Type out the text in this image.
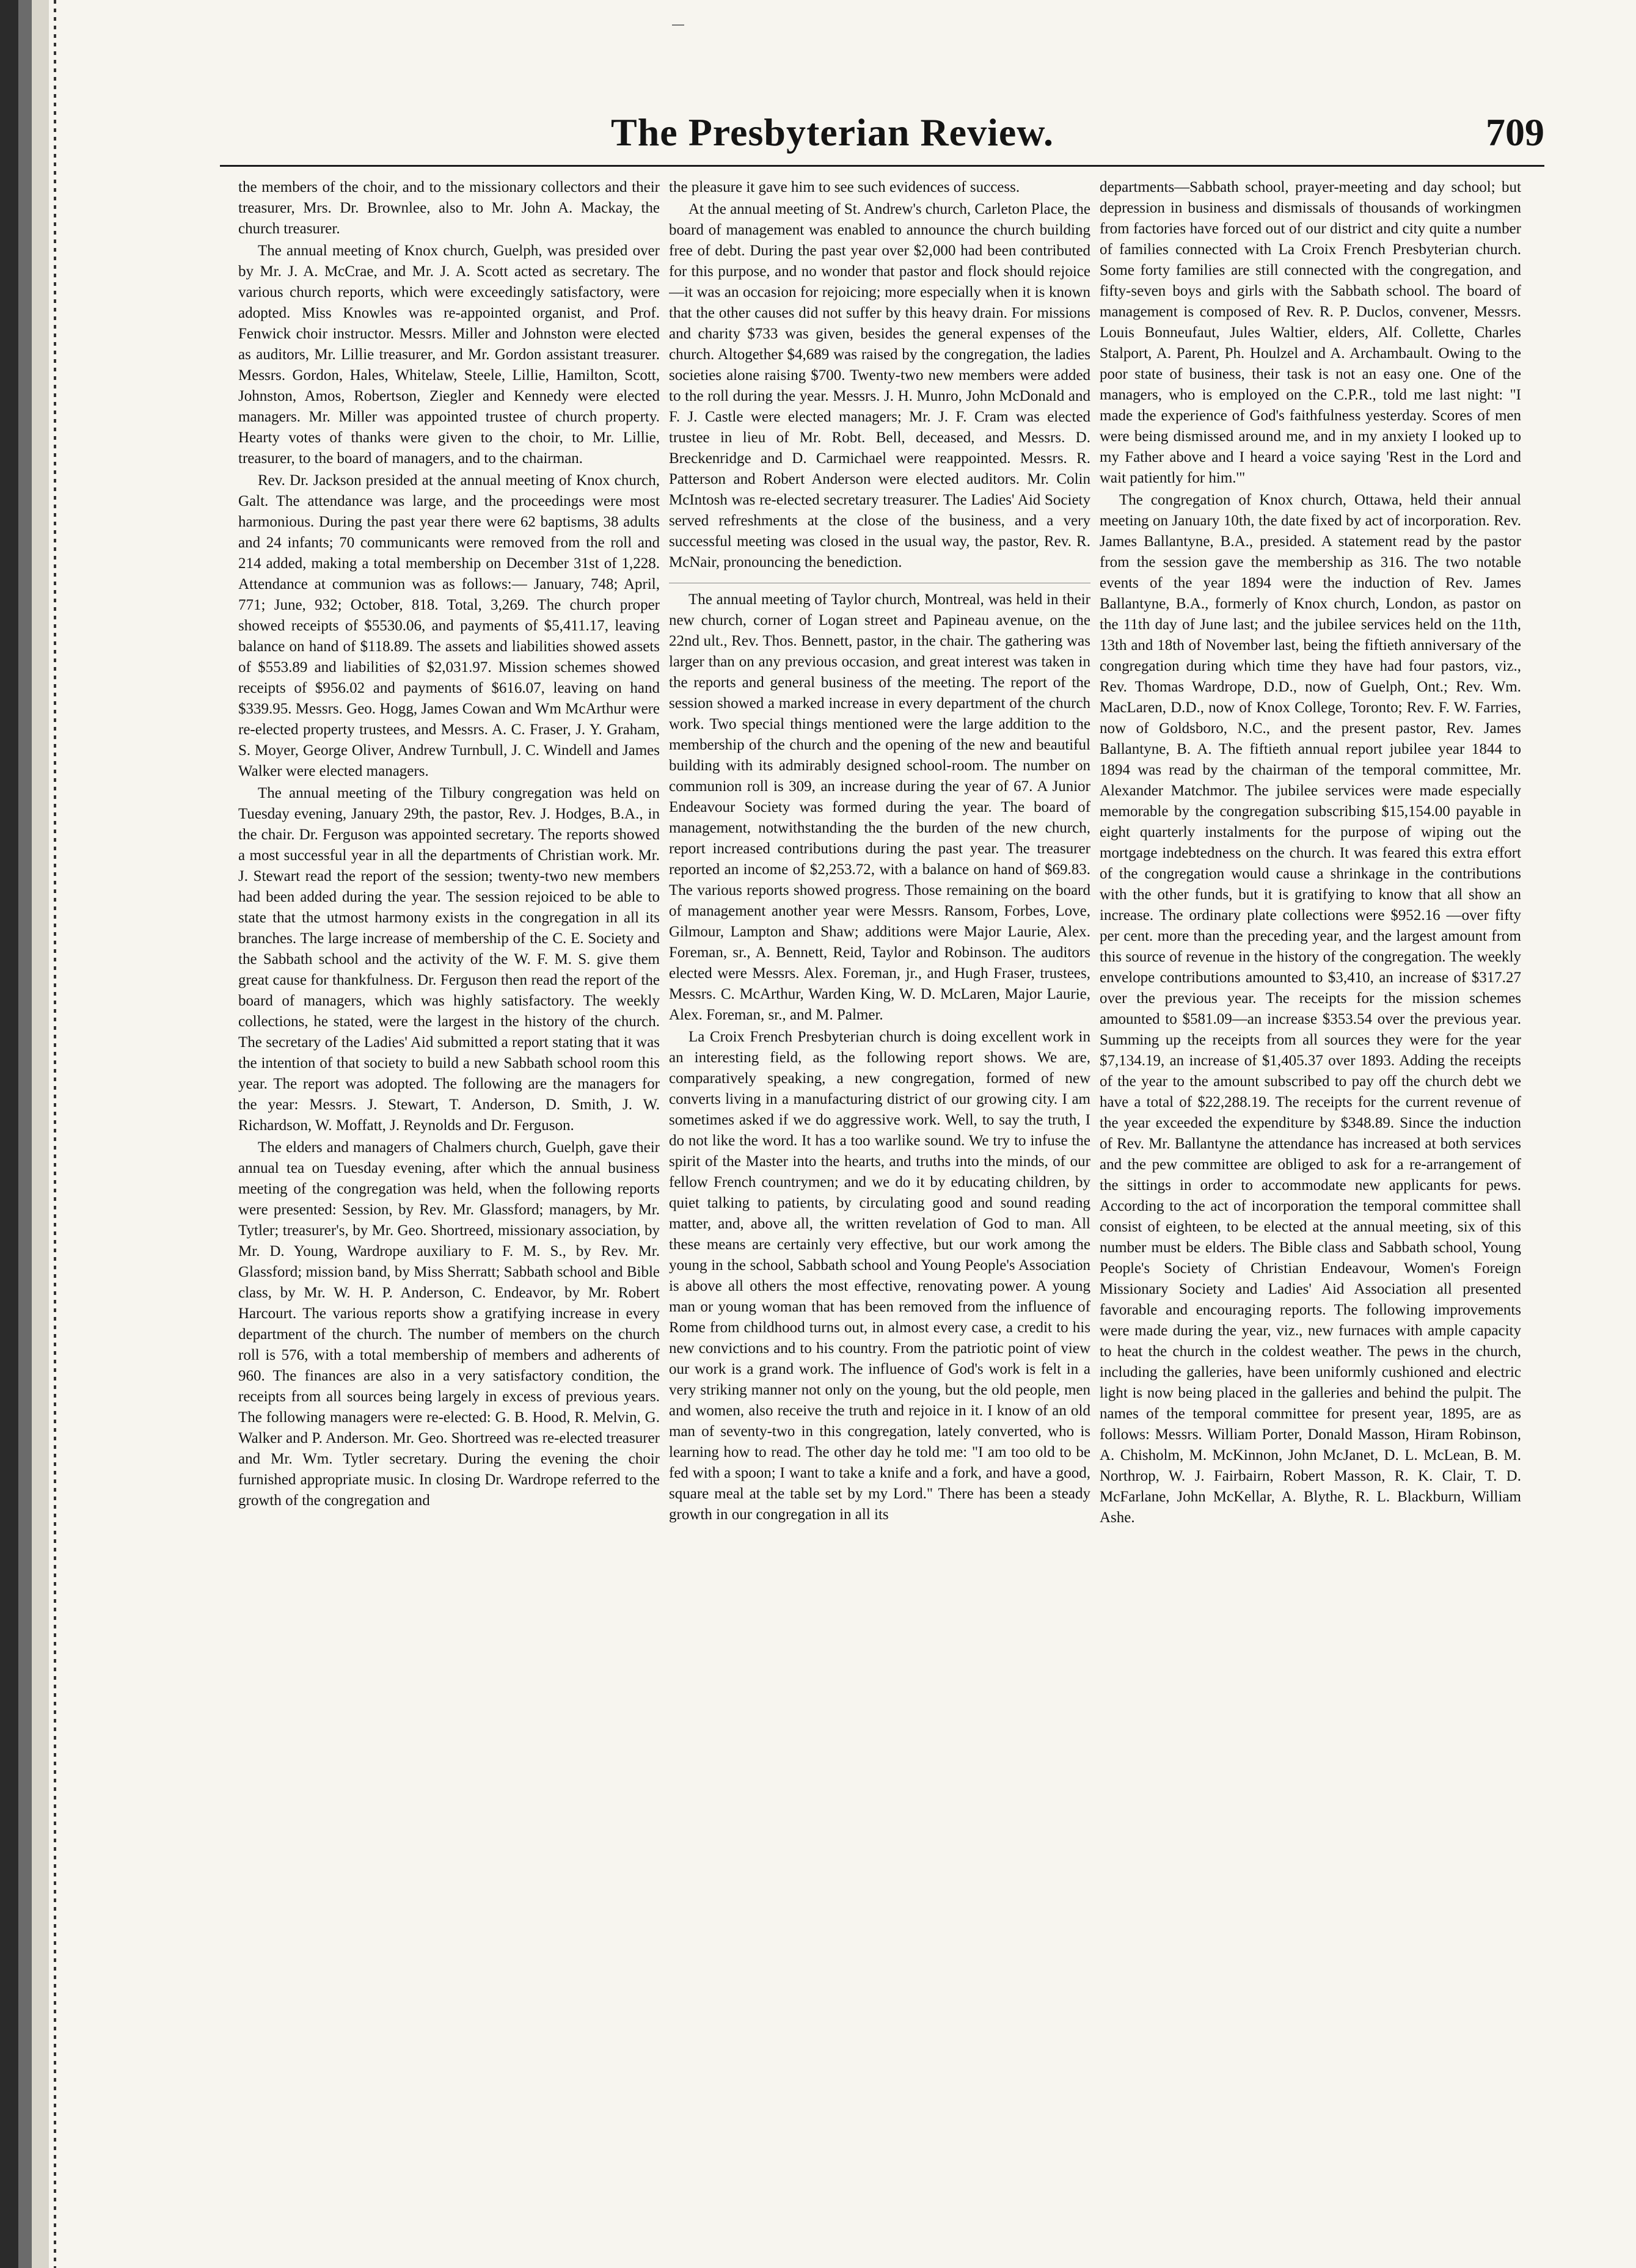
The Presbyterian Review.	709

the members of the choir, and to the missionary collectors and their treasurer, Mrs. Dr. Brownlee, also to Mr. John A. Mackay, the church treasurer.

The annual meeting of Knox church, Guelph, was presided over by Mr. J. A. McCrae, and Mr. J. A. Scott acted as secretary. The various church reports, which were exceedingly satisfactory, were adopted. Miss Knowles was re-appointed organist, and Prof. Fenwick choir instructor. Messrs. Miller and Johnston were elected as auditors, Mr. Lillie treasurer, and Mr. Gordon assistant treasurer. Messrs. Gordon, Hales, Whitelaw, Steele, Lillie, Hamilton, Scott, Johnston, Amos, Robertson, Ziegler and Kennedy were elected managers. Mr. Miller was appointed trustee of church property. Hearty votes of thanks were given to the choir, to Mr. Lillie, treasurer, to the board of managers, and to the chairman.

Rev. Dr. Jackson presided at the annual meeting of Knox church, Galt. The attendance was large, and the proceedings were most harmonious. During the past year there were 62 baptisms, 38 adults and 24 infants; 70 communicants were removed from the roll and 214 added, making a total membership on December 31st of 1,228. Attendance at communion was as follows:— January, 748; April, 771; June, 932; October, 818. Total, 3,269. The church proper showed receipts of $5530.06, and payments of $5,411.17, leaving balance on hand of $118.89. The assets and liabilities showed assets of $553.89 and liabilities of $2,031.97. Mission schemes showed receipts of $956.02 and payments of $616.07, leaving on hand $339.95. Messrs. Geo. Hogg, James Cowan and Wm McArthur were re-elected property trustees, and Messrs. A. C. Fraser, J. Y. Graham, S. Moyer, George Oliver, Andrew Turnbull, J. C. Windell and James Walker were elected managers.

The annual meeting of the Tilbury congregation was held on Tuesday evening, January 29th, the pastor, Rev. J. Hodges, B.A., in the chair. Dr. Ferguson was appointed secretary. The reports showed a most successful year in all the departments of Christian work. Mr. J. Stewart read the report of the session; twenty-two new members had been added during the year. The session rejoiced to be able to state that the utmost harmony exists in the congregation in all its branches. The large increase of membership of the C. E. Society and the Sabbath school and the activity of the W. F. M. S. give them great cause for thankfulness. Dr. Ferguson then read the report of the board of managers, which was highly satisfactory. The weekly collections, he stated, were the largest in the history of the church. The secretary of the Ladies' Aid submitted a report stating that it was the intention of that society to build a new Sabbath school room this year. The report was adopted. The following are the managers for the year: Messrs. J. Stewart, T. Anderson, D. Smith, J. W. Richardson, W. Moffatt, J. Reynolds and Dr. Ferguson.

The elders and managers of Chalmers church, Guelph, gave their annual tea on Tuesday evening, after which the annual business meeting of the congregation was held, when the following reports were presented: Session, by Rev. Mr. Glassford; managers, by Mr. Tytler; treasurer's, by Mr. Geo. Shortreed, missionary association, by Mr. D. Young, Wardrope auxiliary to F. M. S., by Rev. Mr. Glassford; mission band, by Miss Sherratt; Sabbath school and Bible class, by Mr. W. H. P. Anderson, C. Endeavor, by Mr. Robert Harcourt. The various reports show a gratifying increase in every department of the church. The number of members on the church roll is 576, with a total membership of members and adherents of 960. The finances are also in a very satisfactory condition, the receipts from all sources being largely in excess of previous years. The following managers were re-elected: G. B. Hood, R. Melvin, G. Walker and P. Anderson. Mr. Geo. Shortreed was re-elected treasurer and Mr. Wm. Tytler secretary. During the evening the choir furnished appropriate music. In closing Dr. Wardrope referred to the growth of the congregation and

the pleasure it gave him to see such evidences of success.

At the annual meeting of St. Andrew's church, Carleton Place, the board of management was enabled to announce the church building free of debt. During the past year over $2,000 had been contributed for this purpose, and no wonder that pastor and flock should rejoice—it was an occasion for rejoicing; more especially when it is known that the other causes did not suffer by this heavy drain. For missions and charity $733 was given, besides the general expenses of the church. Altogether $4,689 was raised by the congregation, the ladies societies alone raising $700. Twenty-two new members were added to the roll during the year. Messrs. J. H. Munro, John McDonald and F. J. Castle were elected managers; Mr. J. F. Cram was elected trustee in lieu of Mr. Robt. Bell, deceased, and Messrs. D. Breckenridge and D. Carmichael were reappointed. Messrs. R. Patterson and Robert Anderson were elected auditors. Mr. Colin McIntosh was re-elected secretary treasurer. The Ladies' Aid Society served refreshments at the close of the business, and a very successful meeting was closed in the usual way, the pastor, Rev. R. McNair, pronouncing the benediction.

The annual meeting of Taylor church, Montreal, was held in their new church, corner of Logan street and Papineau avenue, on the 22nd ult., Rev. Thos. Bennett, pastor, in the chair. The gathering was larger than on any previous occasion, and great interest was taken in the reports and general business of the meeting. The report of the session showed a marked increase in every department of the church work. Two special things mentioned were the large addition to the membership of the church and the opening of the new and beautiful building with its admirably designed school-room. The number on communion roll is 309, an increase during the year of 67. A Junior Endeavour Society was formed during the year. The board of management, notwithstanding the the burden of the new church, report increased contributions during the past year. The treasurer reported an income of $2,253.72, with a balance on hand of $69.83. The various reports showed progress. Those remaining on the board of management another year were Messrs. Ransom, Forbes, Love, Gilmour, Lampton and Shaw; additions were Major Laurie, Alex. Foreman, sr., A. Bennett, Reid, Taylor and Robinson. The auditors elected were Messrs. Alex. Foreman, jr., and Hugh Fraser, trustees, Messrs. C. McArthur, Warden King, W. D. McLaren, Major Laurie, Alex. Foreman, sr., and M. Palmer.

La Croix French Presbyterian church is doing excellent work in an interesting field, as the following report shows. We are, comparatively speaking, a new congregation, formed of new converts living in a manufacturing district of our growing city. I am sometimes asked if we do aggressive work. Well, to say the truth, I do not like the word. It has a too warlike sound. We try to infuse the spirit of the Master into the hearts, and truths into the minds, of our fellow French countrymen; and we do it by educating children, by quiet talking to patients, by circulating good and sound reading matter, and, above all, the written revelation of God to man. All these means are certainly very effective, but our work among the young in the school, Sabbath school and Young People's Association is above all others the most effective, renovating power. A young man or young woman that has been removed from the influence of Rome from childhood turns out, in almost every case, a credit to his new convictions and to his country. From the patriotic point of view our work is a grand work. The influence of God's work is felt in a very striking manner not only on the young, but the old people, men and women, also receive the truth and rejoice in it. I know of an old man of seventy-two in this congregation, lately converted, who is learning how to read. The other day he told me: "I am too old to be fed with a spoon; I want to take a knife and a fork, and have a good, square meal at the table set by my Lord." There has been a steady growth in our congregation in all its

departments—Sabbath school, prayer-meeting and day school; but depression in business and dismissals of thousands of workingmen from factories have forced out of our district and city quite a number of families connected with La Croix French Presbyterian church. Some forty families are still connected with the congregation, and fifty-seven boys and girls with the Sabbath school. The board of management is composed of Rev. R. P. Duclos, convener, Messrs. Louis Bonneufaut, Jules Waltier, elders, Alf. Collette, Charles Stalport, A. Parent, Ph. Houlzel and A. Archambault. Owing to the poor state of business, their task is not an easy one. One of the managers, who is employed on the C.P.R., told me last night: "I made the experience of God's faithfulness yesterday. Scores of men were being dismissed around me, and in my anxiety I looked up to my Father above and I heard a voice saying 'Rest in the Lord and wait patiently for him.'"

The congregation of Knox church, Ottawa, held their annual meeting on January 10th, the date fixed by act of incorporation. Rev. James Ballantyne, B.A., presided. A statement read by the pastor from the session gave the membership as 316. The two notable events of the year 1894 were the induction of Rev. James Ballantyne, B.A., formerly of Knox church, London, as pastor on the 11th day of June last; and the jubilee services held on the 11th, 13th and 18th of November last, being the fiftieth anniversary of the congregation during which time they have had four pastors, viz., Rev. Thomas Wardrope, D.D., now of Guelph, Ont.; Rev. Wm. MacLaren, D.D., now of Knox College, Toronto; Rev. F. W. Farries, now of Goldsboro, N.C., and the present pastor, Rev. James Ballantyne, B. A. The fiftieth annual report jubilee year 1844 to 1894 was read by the chairman of the temporal committee, Mr. Alexander Matchmor. The jubilee services were made especially memorable by the congregation subscribing $15,154.00 payable in eight quarterly instalments for the purpose of wiping out the mortgage indebtedness on the church. It was feared this extra effort of the congregation would cause a shrinkage in the contributions with the other funds, but it is gratifying to know that all show an increase. The ordinary plate collections were $952.16 —over fifty per cent. more than the preceding year, and the largest amount from this source of revenue in the history of the congregation. The weekly envelope contributions amounted to $3,410, an increase of $317.27 over the previous year. The receipts for the mission schemes amounted to $581.09—an increase $353.54 over the previous year. Summing up the receipts from all sources they were for the year $7,134.19, an increase of $1,405.37 over 1893. Adding the receipts of the year to the amount subscribed to pay off the church debt we have a total of $22,288.19. The receipts for the current revenue of the year exceeded the expenditure by $348.89. Since the induction of Rev. Mr. Ballantyne the attendance has increased at both services and the pew committee are obliged to ask for a re-arrangement of the sittings in order to accommodate new applicants for pews. According to the act of incorporation the temporal committee shall consist of eighteen, to be elected at the annual meeting, six of this number must be elders. The Bible class and Sabbath school, Young People's Society of Christian Endeavour, Women's Foreign Missionary Society and Ladies' Aid Association all presented favorable and encouraging reports. The following improvements were made during the year, viz., new furnaces with ample capacity to heat the church in the coldest weather. The pews in the church, including the galleries, have been uniformly cushioned and electric light is now being placed in the galleries and behind the pulpit. The names of the temporal committee for present year, 1895, are as follows: Messrs. William Porter, Donald Masson, Hiram Robinson, A. Chisholm, M. McKinnon, John McJanet, D. L. McLean, B. M. Northrop, W. J. Fairbairn, Robert Masson, R. K. Clair, T. D. McFarlane, John McKellar, A. Blythe, R. L. Blackburn, William Ashe.
